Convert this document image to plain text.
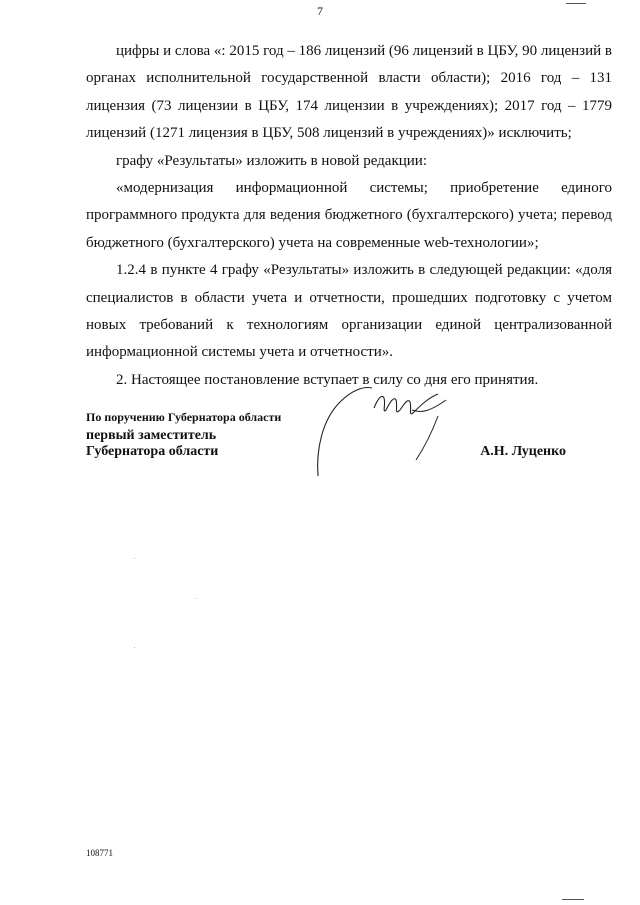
7

цифры и слова «: 2015 год – 186 лицензий (96 лицензий в ЦБУ, 90 лицензий в органах исполнительной государственной власти области); 2016 год – 131 лицензия (73 лицензии в ЦБУ, 174 лицензии в учреждениях); 2017 год – 1779 лицензий (1271 лицензия в ЦБУ, 508 лицензий в учреждениях)» исключить;

графу «Результаты» изложить в новой редакции:

«модернизация информационной системы; приобретение единого программного продукта для ведения бюджетного (бухгалтерского) учета; перевод бюджетного (бухгалтерского) учета на современные web-технологии»;

1.2.4 в пункте 4 графу «Результаты» изложить в следующей редакции: «доля специалистов в области учета и отчетности, прошедших подготовку с учетом новых требований к технологиям организации единой централизованной информационной системы учета и отчетности».

2. Настоящее постановление вступает в силу со дня его принятия.

По поручению Губернатора области
первый заместитель
Губернатора области	А.Н. Луценко
108771
